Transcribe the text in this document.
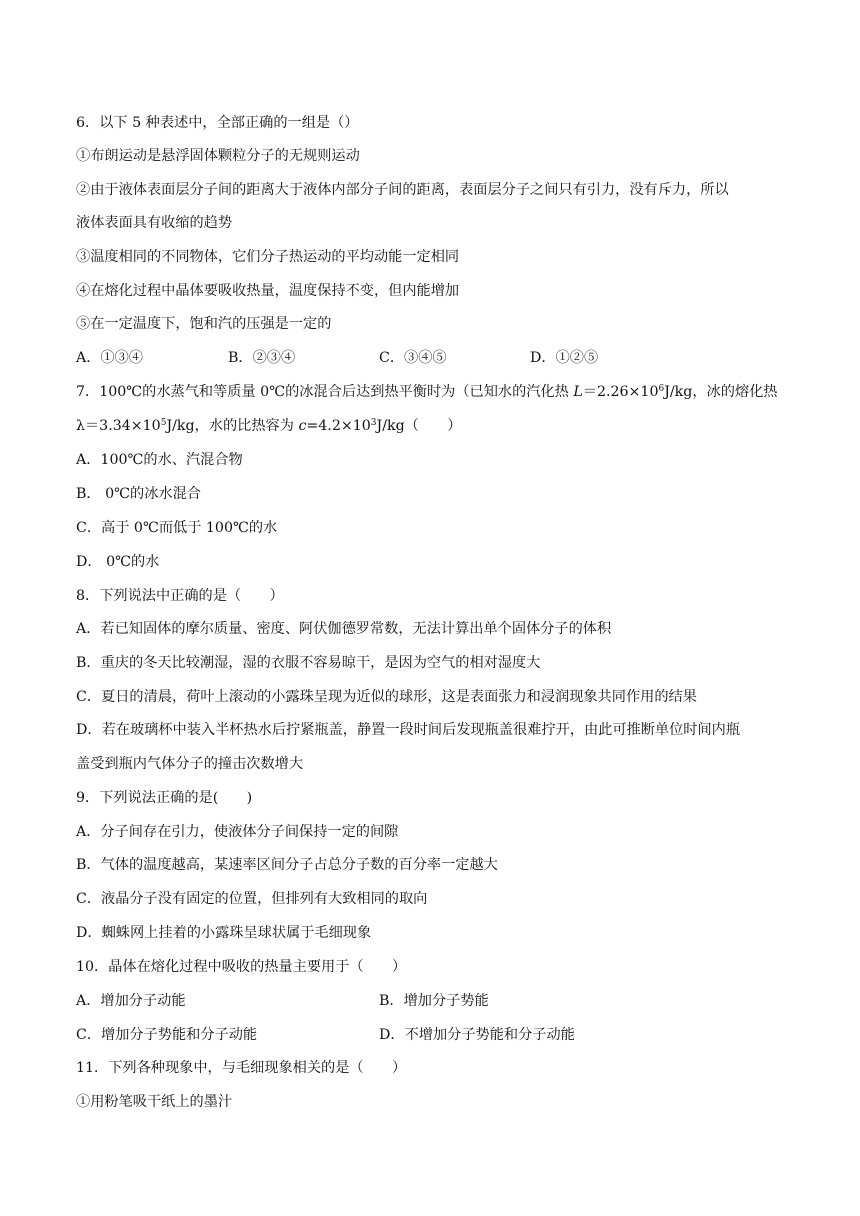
6．以下 5 种表述中，全部正确的一组是（）
①布朗运动是悬浮固体颗粒分子的无规则运动
②由于液体表面层分子间的距离大于液体内部分子间的距离，表面层分子之间只有引力，没有斥力，所以
液体表面具有收缩的趋势
③温度相同的不同物体，它们分子热运动的平均动能一定相同
④在熔化过程中晶体要吸收热量，温度保持不变，但内能增加
⑤在一定温度下，饱和汽的压强是一定的
A．①③④	B．②③④	C．③④⑤	D．①②⑤
7．100℃的水蒸气和等质量 0℃的冰混合后达到热平衡时为（已知水的汽化热 $L=2.26\times 10^6J/kg$，冰的熔化热
$\lambda=3.34\times 10^5J/kg$，水的比热容为 $c=4.2\times 10^3J/kg$（　　）
A．100℃的水、汽混合物
B． 0℃的冰水混合
C．高于 0℃而低于 100℃的水
D． 0℃的水
8．下列说法中正确的是（　　）
A．若已知固体的摩尔质量、密度、阿伏伽德罗常数，无法计算出单个固体分子的体积
B．重庆的冬天比较潮湿，湿的衣服不容易晾干，是因为空气的相对湿度大
C．夏日的清晨，荷叶上滚动的小露珠呈现为近似的球形，这是表面张力和浸润现象共同作用的结果
D．若在玻璃杯中装入半杯热水后拧紧瓶盖，静置一段时间后发现瓶盖很难拧开，由此可推断单位时间内瓶
盖受到瓶内气体分子的撞击次数增大
9．下列说法正确的是(　　)
A．分子间存在引力，使液体分子间保持一定的间隙
B．气体的温度越高，某速率区间分子占总分子数的百分率一定越大
C．液晶分子没有固定的位置，但排列有大致相同的取向
D．蜘蛛网上挂着的小露珠呈球状属于毛细现象
10．晶体在熔化过程中吸收的热量主要用于（　　）
A．增加分子动能	B．增加分子势能
C．增加分子势能和分子动能	D．不增加分子势能和分子动能
11．下列各种现象中，与毛细现象相关的是（　　）
①用粉笔吸干纸上的墨汁
